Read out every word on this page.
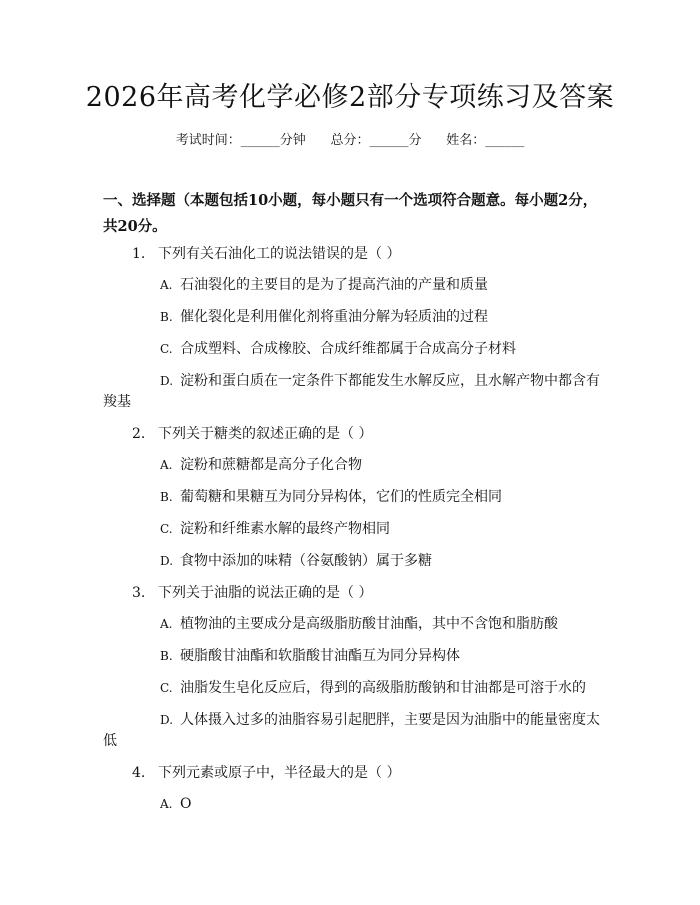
2026年高考化学必修2部分专项练习及答案
考试时间：______分钟      总分：______分      姓名：______
一、选择题（本题包括10小题，每小题只有一个选项符合题意。每小题2分，共20分。
1. 下列有关石油化工的说法错误的是（ ）
A. 石油裂化的主要目的是为了提高汽油的产量和质量
B. 催化裂化是利用催化剂将重油分解为轻质油的过程
C. 合成塑料、合成橡胶、合成纤维都属于合成高分子材料
D. 淀粉和蛋白质在一定条件下都能发生水解反应，且水解产物中都含有
羧基
2. 下列关于糖类的叙述正确的是（ ）
A. 淀粉和蔗糖都是高分子化合物
B. 葡萄糖和果糖互为同分异构体，它们的性质完全相同
C. 淀粉和纤维素水解的最终产物相同
D. 食物中添加的味精（谷氨酸钠）属于多糖
3. 下列关于油脂的说法正确的是（ ）
A. 植物油的主要成分是高级脂肪酸甘油酯，其中不含饱和脂肪酸
B. 硬脂酸甘油酯和软脂酸甘油酯互为同分异构体
C. 油脂发生皂化反应后，得到的高级脂肪酸钠和甘油都是可溶于水的
D. 人体摄入过多的油脂容易引起肥胖，主要是因为油脂中的能量密度太
低
4. 下列元素或原子中，半径最大的是（ ）
A. O
